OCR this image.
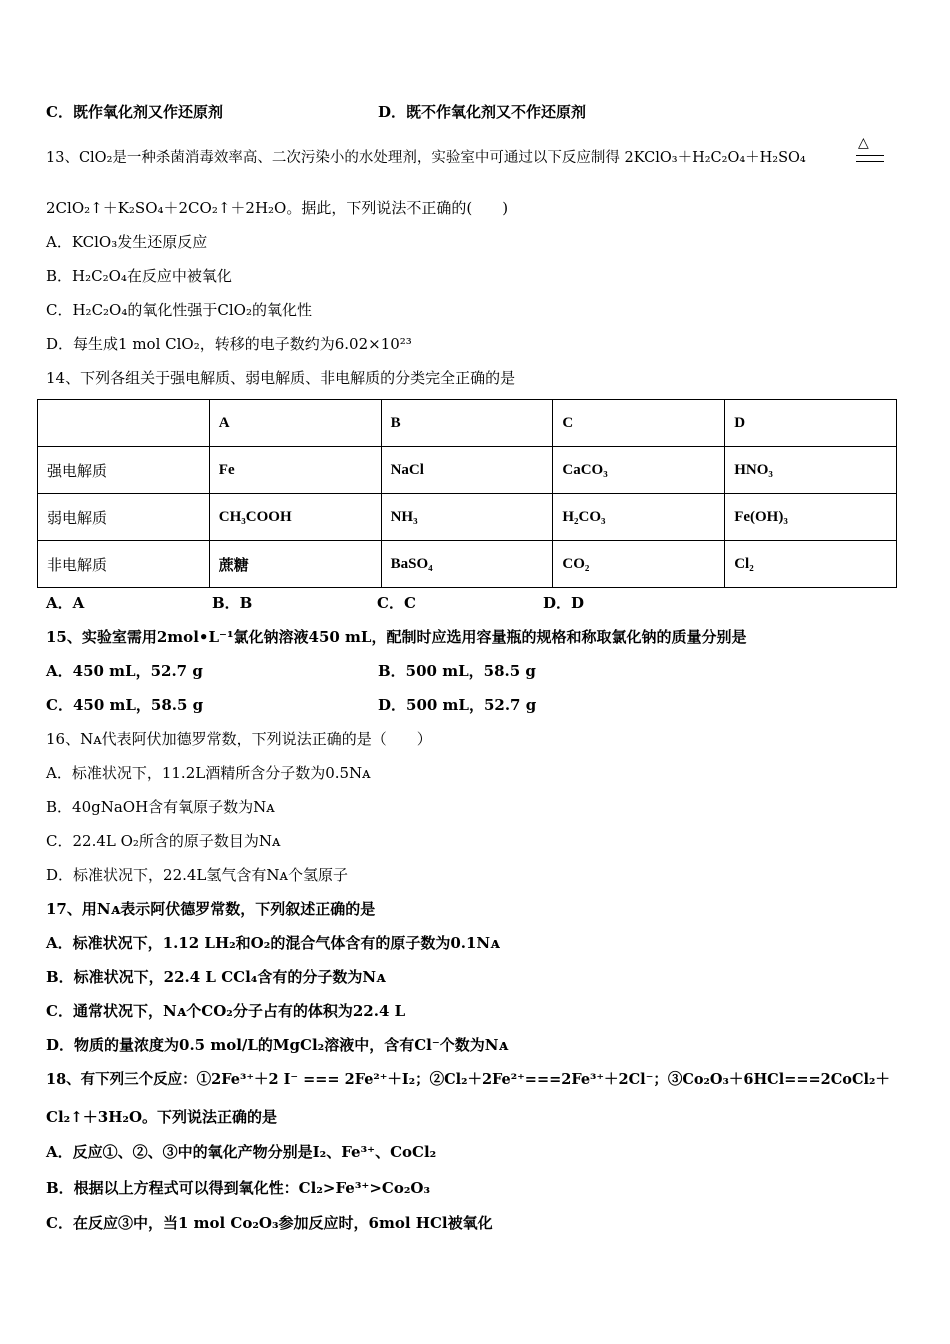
C．既作氧化剂又作还原剂	D．既不作氧化剂又不作还原剂
13、ClO₂是一种杀菌消毒效率高、二次污染小的水处理剂，实验室中可通过以下反应制得 2KClO₃＋H₂C₂O₄＋H₂SO₄
△
2ClO₂↑＋K₂SO₄＋2CO₂↑＋2H₂O。据此，下列说法不正确的(　　)
A．KClO₃发生还原反应
B．H₂C₂O₄在反应中被氧化
C．H₂C₂O₄的氧化性强于ClO₂的氧化性
D．每生成1 mol ClO₂，转移的电子数约为6.02×10²³
14、下列各组关于强电解质、弱电解质、非电解质的分类完全正确的是
	A	B	C	D
强电解质	Fe	NaCl	CaCO₃	HNO₃
弱电解质	CH₃COOH	NH₃	H₂CO₃	Fe(OH)₃
非电解质	蔗糖	BaSO₄	CO₂	Cl₂
A．A	B．B	C．C	D．D
15、实验室需用2mol•L⁻¹氯化钠溶液450 mL，配制时应选用容量瓶的规格和称取氯化钠的质量分别是
A．450 mL，52.7 g	B．500 mL，58.5 g
C．450 mL，58.5 g	D．500 mL，52.7 g
16、Nᴀ代表阿伏加德罗常数，下列说法正确的是（　　）
A．标准状况下，11.2L酒精所含分子数为0.5Nᴀ
B．40gNaOH含有氧原子数为Nᴀ
C．22.4L O₂所含的原子数目为Nᴀ
D．标准状况下，22.4L氢气含有Nᴀ个氢原子
17、用Nᴀ表示阿伏德罗常数，下列叙述正确的是
A．标准状况下，1.12 LH₂和O₂的混合气体含有的原子数为0.1Nᴀ
B．标准状况下，22.4 L CCl₄含有的分子数为Nᴀ
C．通常状况下，Nᴀ个CO₂分子占有的体积为22.4 L
D．物质的量浓度为0.5 mol/L的MgCl₂溶液中，含有Cl⁻个数为Nᴀ
18、有下列三个反应：①2Fe³⁺＋2 I⁻ === 2Fe²⁺＋I₂；②Cl₂＋2Fe²⁺===2Fe³⁺＋2Cl⁻；③Co₂O₃＋6HCl===2CoCl₂＋
Cl₂↑＋3H₂O。下列说法正确的是
A．反应①、②、③中的氧化产物分别是I₂、Fe³⁺、CoCl₂
B．根据以上方程式可以得到氧化性：Cl₂>Fe³⁺>Co₂O₃
C．在反应③中，当1 mol Co₂O₃参加反应时，6mol HCl被氧化
